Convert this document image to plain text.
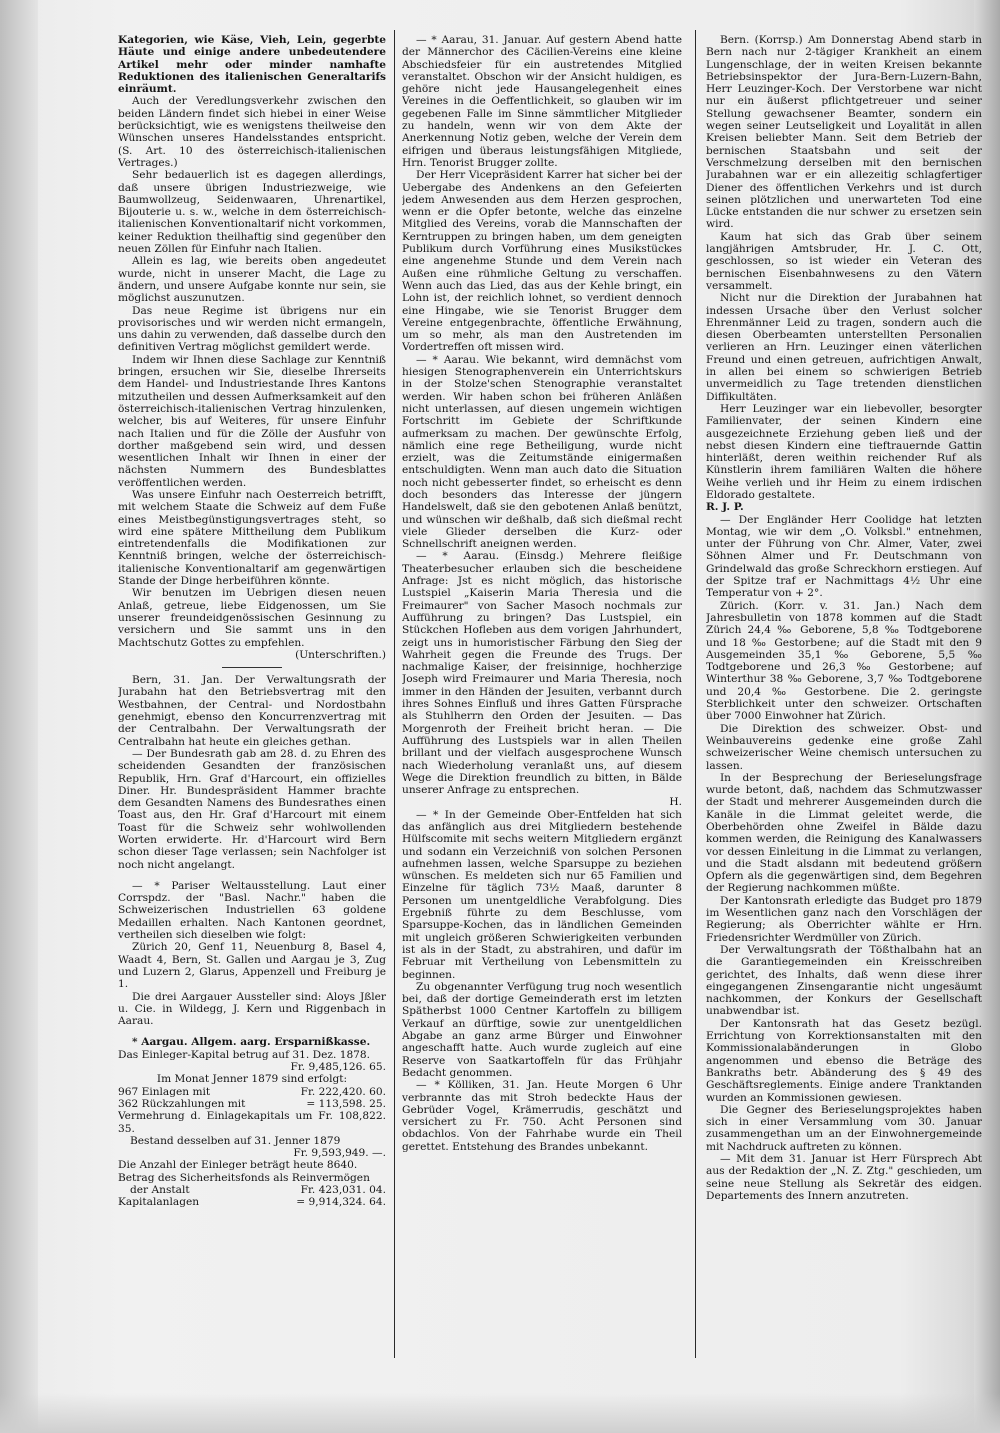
Kategorien, wie Käse, Vieh, Lein, gegerbte Häute und einige andere unbedeutendere Artikel mehr oder minder namhafte Reduktionen des italienischen Generaltarifs einräumt.

Auch der Veredlungsverkehr zwischen den beiden Ländern findet sich hiebei in einer Weise berücksichtigt, wie es wenigstens theilweise den Wünschen unseres Handelsstandes entspricht. (S. Art. 10 des österreichisch-italienischen Vertrages.)

Sehr bedauerlich ist es dagegen allerdings, daß unsere übrigen Industriezweige, wie Baumwollzeug, Seidenwaaren, Uhrenartikel, Bijouterie u. s. w., welche in dem österreichisch-italienischen Konventionaltarif nicht vorkommen, keiner Reduktion theilhaftig sind gegenüber den neuen Zöllen für Einfuhr nach Italien.

Allein es lag, wie bereits oben angedeutet wurde, nicht in unserer Macht, die Lage zu ändern, und unsere Aufgabe konnte nur sein, sie möglichst auszunutzen.

Das neue Regime ist übrigens nur ein provisorisches und wir werden nicht ermangeln, uns dahin zu verwenden, daß dasselbe durch den definitiven Vertrag möglichst gemildert werde.

Indem wir Ihnen diese Sachlage zur Kenntniß bringen, ersuchen wir Sie, dieselbe Ihrerseits dem Handel- und Industriestande Ihres Kantons mitzutheilen und dessen Aufmerksamkeit auf den österreichisch-italienischen Vertrag hinzulenken, welcher, bis auf Weiteres, für unsere Einfuhr nach Italien und für die Zölle der Ausfuhr von dorther maßgebend sein wird, und dessen wesentlichen Inhalt wir Ihnen in einer der nächsten Nummern des Bundesblattes veröffentlichen werden.

Was unsere Einfuhr nach Oesterreich betrifft, mit welchem Staate die Schweiz auf dem Fuße eines Meistbegünstigungsvertrages steht, so wird eine spätere Mittheilung dem Publikum eintretendenfalls die Modifikationen zur Kenntniß bringen, welche der österreichisch-italienische Konventionaltarif am gegenwärtigen Stande der Dinge herbeiführen könnte.

Wir benutzen im Uebrigen diesen neuen Anlaß, getreue, liebe Eidgenossen, um Sie unserer freundeidgenössischen Gesinnung zu versichern und Sie sammt uns in den Machtschutz Gottes zu empfehlen.

(Unterschriften.)

Bern, 31. Jan. Der Verwaltungsrath der Jurabahn hat den Betriebsvertrag mit den Westbahnen, der Central- und Nordostbahn genehmigt, ebenso den Koncurrenzvertrag mit der Centralbahn. Der Verwaltungsrath der Centralbahn hat heute ein gleiches gethan.

— Der Bundesrath gab am 28. d. zu Ehren des scheidenden Gesandten der französischen Republik, Hrn. Graf d'Harcourt, ein offizielles Diner. Hr. Bundespräsident Hammer brachte dem Gesandten Namens des Bundesrathes einen Toast aus, den Hr. Graf d'Harcourt mit einem Toast für die Schweiz sehr wohlwollenden Worten erwiderte. Hr. d'Harcourt wird Bern schon dieser Tage verlassen; sein Nachfolger ist noch nicht angelangt.

— * Pariser Weltausstellung. Laut einer Corrspdz. der "Basl. Nachr." haben die Schweizerischen Industriellen 63 goldene Medaillen erhalten. Nach Kantonen geordnet, vertheilen sich dieselben wie folgt:

Zürich 20, Genf 11, Neuenburg 8, Basel 4, Waadt 4, Bern, St. Gallen und Aargau je 3, Zug und Luzern 2, Glarus, Appenzell und Freiburg je 1.

Die drei Aargauer Aussteller sind: Aloys Jßler u. Cie. in Wildegg, J. Kern und Riggenbach in Aarau.

* Aargau. Allgem. aarg. Ersparnißkasse.

Das Einleger-Kapital betrug auf 31. Dez. 1878.

Fr. 9,485,126. 65.

Im Monat Jenner 1879 sind erfolgt:

967 Einlagen mit	Fr. 222,420. 60.
362 Rückzahlungen mit	= 113,598. 25.
Vermehrung d. Einlagekapitals um Fr. 108,822. 35.	
Bestand desselben auf 31. Jenner 1879	
	Fr. 9,593,949. —.

Die Anzahl der Einleger beträgt heute 8640.

Betrag des Sicherheitsfonds als Reinvermögen

der Anstalt	Fr. 423,031. 04.
Kapitalanlagen	= 9,914,324. 64.

— * Aarau, 31. Januar. Auf gestern Abend hatte der Männerchor des Cäcilien-Vereins eine kleine Abschiedsfeier für ein austretendes Mitglied veranstaltet. Obschon wir der Ansicht huldigen, es gehöre nicht jede Hausangelegenheit eines Vereines in die Oeffentlichkeit, so glauben wir im gegebenen Falle im Sinne sämmtlicher Mitglieder zu handeln, wenn wir von dem Akte der Anerkennung Notiz geben, welche der Verein dem eifrigen und überaus leistungsfähigen Mitgliede, Hrn. Tenorist Brugger zollte.

Der Herr Vicepräsident Karrer hat sicher bei der Uebergabe des Andenkens an den Gefeierten jedem Anwesenden aus dem Herzen gesprochen, wenn er die Opfer betonte, welche das einzelne Mitglied des Vereins, vorab die Mannschaften der Kerntruppen zu bringen haben, um dem geneigten Publikum durch Vorführung eines Musikstückes eine angenehme Stunde und dem Verein nach Außen eine rühmliche Geltung zu verschaffen. Wenn auch das Lied, das aus der Kehle bringt, ein Lohn ist, der reichlich lohnet, so verdient dennoch eine Hingabe, wie sie Tenorist Brugger dem Vereine entgegenbrachte, öffentliche Erwähnung, um so mehr, als man den Austretenden im Vordertreffen oft missen wird.

— * Aarau. Wie bekannt, wird demnächst vom hiesigen Stenographenverein ein Unterrichtskurs in der Stolze'schen Stenographie veranstaltet werden. Wir haben schon bei früheren Anläßen nicht unterlassen, auf diesen ungemein wichtigen Fortschritt im Gebiete der Schriftkunde aufmerksam zu machen. Der gewünschte Erfolg, nämlich eine rege Betheiligung, wurde nicht erzielt, was die Zeitumstände einigermaßen entschuldigten. Wenn man auch dato die Situation noch nicht gebesserter findet, so erheischt es denn doch besonders das Interesse der jüngern Handelswelt, daß sie den gebotenen Anlaß benützt, und wünschen wir deßhalb, daß sich dießmal recht viele Glieder derselben die Kurz- oder Schnellschrift aneignen werden.

— * Aarau. (Einsdg.) Mehrere fleißige Theaterbesucher erlauben sich die bescheidene Anfrage: Jst es nicht möglich, das historische Lustspiel „Kaiserin Maria Theresia und die Freimaurer" von Sacher Masoch nochmals zur Aufführung zu bringen? Das Lustspiel, ein Stückchen Hofleben aus dem vorigen Jahrhundert, zeigt uns in humoristischer Färbung den Sieg der Wahrheit gegen die Freunde des Trugs. Der nachmalige Kaiser, der freisinnige, hochherzige Joseph wird Freimaurer und Maria Theresia, noch immer in den Händen der Jesuiten, verbannt durch ihres Sohnes Einfluß und ihres Gatten Fürsprache als Stuhlherrn den Orden der Jesuiten. — Das Morgenroth der Freiheit bricht heran. — Die Aufführung des Lustspiels war in allen Theilen brillant und der vielfach ausgesprochene Wunsch nach Wiederholung veranlaßt uns, auf diesem Wege die Direktion freundlich zu bitten, in Bälde unserer Anfrage zu entsprechen.

H.

— * In der Gemeinde Ober-Entfelden hat sich das anfänglich aus drei Mitgliedern bestehende Hülfscomite mit sechs weitern Mitgliedern ergänzt und sodann ein Verzeichniß von solchen Personen aufnehmen lassen, welche Sparsuppe zu beziehen wünschen. Es meldeten sich nur 65 Familien und Einzelne für täglich 73½ Maaß, darunter 8 Personen um unentgeldliche Verabfolgung. Dies Ergebniß führte zu dem Beschlusse, vom Sparsuppe-Kochen, das in ländlichen Gemeinden mit ungleich größeren Schwierigkeiten verbunden ist als in der Stadt, zu abstrahiren, und dafür im Februar mit Vertheilung von Lebensmitteln zu beginnen.

Zu obgenannter Verfügung trug noch wesentlich bei, daß der dortige Gemeinderath erst im letzten Spätherbst 1000 Centner Kartoffeln zu billigem Verkauf an dürftige, sowie zur unentgeldlichen Abgabe an ganz arme Bürger und Einwohner angeschafft hatte. Auch wurde zugleich auf eine Reserve von Saatkartoffeln für das Frühjahr Bedacht genommen.

— * Kölliken, 31. Jan. Heute Morgen 6 Uhr verbrannte das mit Stroh bedeckte Haus der Gebrüder Vogel, Krämerrudis, geschätzt und versichert zu Fr. 750. Acht Personen sind obdachlos. Von der Fahrhabe wurde ein Theil gerettet. Entstehung des Brandes unbekannt.

Bern. (Korrsp.) Am Donnerstag Abend starb in Bern nach nur 2-tägiger Krankheit an einem Lungenschlage, der in weiten Kreisen bekannte Betriebsinspektor der Jura-Bern-Luzern-Bahn, Herr Leuzinger-Koch. Der Verstorbene war nicht nur ein äußerst pflichtgetreuer und seiner Stellung gewachsener Beamter, sondern ein wegen seiner Leutseligkeit und Loyalität in allen Kreisen beliebter Mann. Seit dem Betrieb der bernischen Staatsbahn und seit der Verschmelzung derselben mit den bernischen Jurabahnen war er ein allezeitig schlagfertiger Diener des öffentlichen Verkehrs und ist durch seinen plötzlichen und unerwarteten Tod eine Lücke entstanden die nur schwer zu ersetzen sein wird.

Kaum hat sich das Grab über seinem langjährigen Amtsbruder, Hr. J. C. Ott, geschlossen, so ist wieder ein Veteran des bernischen Eisenbahnwesens zu den Vätern versammelt.

Nicht nur die Direktion der Jurabahnen hat indessen Ursache über den Verlust solcher Ehrenmänner Leid zu tragen, sondern auch die diesen Oberbeamten unterstellten Personalien verlieren an Hrn. Leuzinger einen väterlichen Freund und einen getreuen, aufrichtigen Anwalt, in allen bei einem so schwierigen Betrieb unvermeidlich zu Tage tretenden dienstlichen Diffikultäten.

Herr Leuzinger war ein liebevoller, besorgter Familienvater, der seinen Kindern eine ausgezeichnete Erziehung geben ließ und der nebst diesen Kindern eine tieftrauernde Gattin hinterläßt, deren weithin reichender Ruf als Künstlerin ihrem familiären Walten die höhere Weihe verlieh und ihr Heim zu einem irdischen Eldorado gestaltete.

R. J. P.

— Der Engländer Herr Coolidge hat letzten Montag, wie wir dem „O. Volksbl." entnehmen, unter der Führung von Chr. Almer, Vater, zwei Söhnen Almer und Fr. Deutschmann von Grindelwald das große Schreckhorn erstiegen. Auf der Spitze traf er Nachmittags 4½ Uhr eine Temperatur von + 2°.

Zürich. (Korr. v. 31. Jan.) Nach dem Jahresbulletin von 1878 kommen auf die Stadt Zürich 24,4 ‰ Geborene, 5,8 ‰ Todtgeborene und 18 ‰ Gestorbene; auf die Stadt mit den 9 Ausgemeinden 35,1 ‰ Geborene, 5,5 ‰ Todtgeborene und 26,3 ‰ Gestorbene; auf Winterthur 38 ‰ Geborene, 3,7 ‰ Todtgeborene und 20,4 ‰ Gestorbene. Die 2. geringste Sterblichkeit unter den schweizer. Ortschaften über 7000 Einwohner hat Zürich.

Die Direktion des schweizer. Obst- und Weinbauvereins gedenke eine große Zahl schweizerischer Weine chemisch untersuchen zu lassen.

In der Besprechung der Berieselungsfrage wurde betont, daß, nachdem das Schmutzwasser der Stadt und mehrerer Ausgemeinden durch die Kanäle in die Limmat geleitet werde, die Oberbehörden ohne Zweifel in Bälde dazu kommen werden, die Reinigung des Kanalwassers vor dessen Einleitung in die Limmat zu verlangen, und die Stadt alsdann mit bedeutend größern Opfern als die gegenwärtigen sind, dem Begehren der Regierung nachkommen müßte.

Der Kantonsrath erledigte das Budget pro 1879 im Wesentlichen ganz nach den Vorschlägen der Regierung; als Oberrichter wählte er Hrn. Friedensrichter Werdmüller von Zürich.

Der Verwaltungsrath der Tößthalbahn hat an die Garantiegemeinden ein Kreisschreiben gerichtet, des Inhalts, daß wenn diese ihrer eingegangenen Zinsengarantie nicht ungesäumt nachkommen, der Konkurs der Gesellschaft unabwendbar ist.

Der Kantonsrath hat das Gesetz bezügl. Errichtung von Korrektionsanstalten mit den Kommissionalabänderungen in Globo angenommen und ebenso die Beträge des Bankraths betr. Abänderung des § 49 des Geschäftsreglements. Einige andere Tranktanden wurden an Kommissionen gewiesen.

Die Gegner des Berieselungsprojektes haben sich in einer Versammlung vom 30. Januar zusammengethan um an der Einwohnergemeinde mit Nachdruck auftreten zu können.

— Mit dem 31. Januar ist Herr Fürsprech Abt aus der Redaktion der „N. Z. Ztg." geschieden, um seine neue Stellung als Sekretär des eidgen. Departements des Innern anzutreten.
